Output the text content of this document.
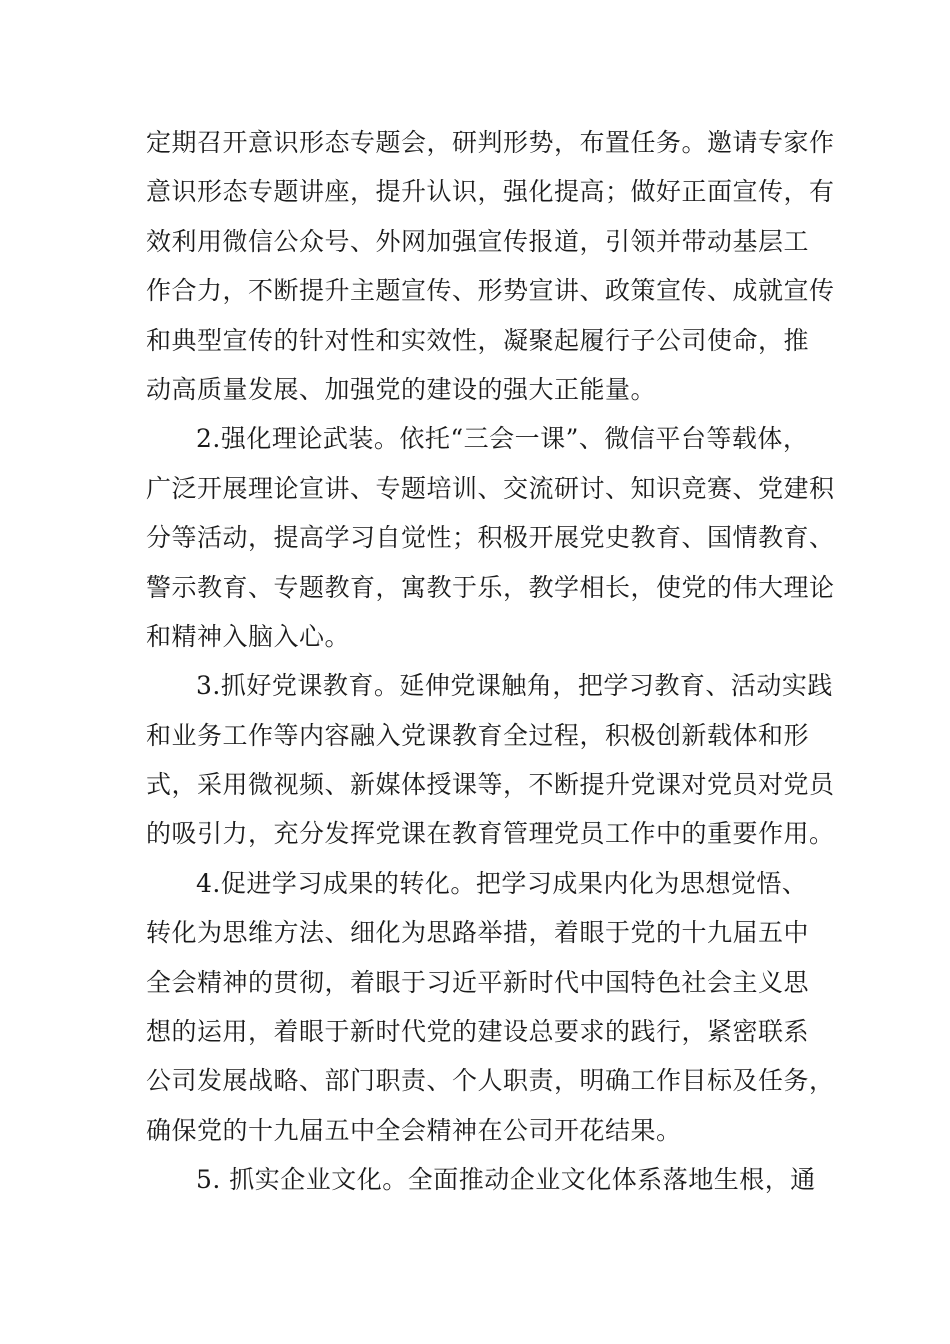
定期召开意识形态专题会，研判形势，布置任务。邀请专家作
意识形态专题讲座，提升认识，强化提高；做好正面宣传，有
效利用微信公众号、外网加强宣传报道，引领并带动基层工
作合力，不断提升主题宣传、形势宣讲、政策宣传、成就宣传
和典型宣传的针对性和实效性，凝聚起履行子公司使命，推
动高质量发展、加强党的建设的强大正能量。
2.强化理论武装。依托“三会一课”、微信平台等载体，
广泛开展理论宣讲、专题培训、交流研讨、知识竞赛、党建积
分等活动，提高学习自觉性；积极开展党史教育、国情教育、
警示教育、专题教育，寓教于乐，教学相长，使党的伟大理论
和精神入脑入心。
3.抓好党课教育。延伸党课触角，把学习教育、活动实践
和业务工作等内容融入党课教育全过程，积极创新载体和形
式，采用微视频、新媒体授课等，不断提升党课对党员对党员
的吸引力，充分发挥党课在教育管理党员工作中的重要作用。
4.促进学习成果的转化。把学习成果内化为思想觉悟、
转化为思维方法、细化为思路举措，着眼于党的十九届五中
全会精神的贯彻，着眼于习近平新时代中国特色社会主义思
想的运用，着眼于新时代党的建设总要求的践行，紧密联系
公司发展战略、部门职责、个人职责，明确工作目标及任务，
确保党的十九届五中全会精神在公司开花结果。
5. 抓实企业文化。全面推动企业文化体系落地生根，通
